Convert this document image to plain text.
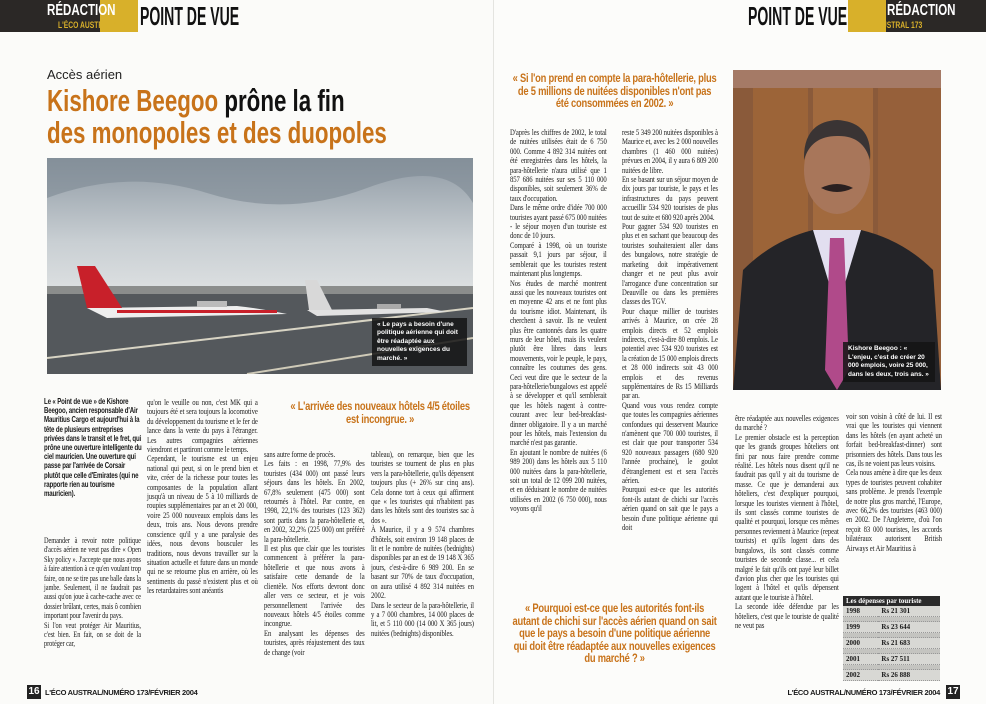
RÉDACTION
L'ÉCO AUSTRAL 173 POINT DE VUE	POINT DE VUE RÉDACTION
L'ÉCO AUSTRAL 173
Accès aérien
Kishore Beegoo prône la fin
des monopoles et des duopoles
« Le pays a besoin d'une politique aérienne qui doit être réadaptée aux nouvelles exigences du marché. »
Le « Point de vue » de Kishore Beegoo, ancien responsable d'Air Mauritius Cargo et aujourd'hui à la tête de plusieurs entreprises privées dans le transit et le fret, qui prône une ouverture intelligente du ciel mauricien. Une ouverture qui passe par l'arrivée de Corsair plutôt que celle d'Emirates (qui ne rapporte rien au tourisme mauricien).
« L'arrivée des nouveaux hôtels 4/5 étoiles est incongrue. »

Demander à revoir notre politique d'accès aérien ne veut pas dire « Open Sky policy ». J'accepte que nous ayons à faire attention à ce qu'en voulant trop faire, on ne se tire pas une balle dans la jambe. Seulement, il ne faudrait pas aussi qu'on joue à cache-cache avec ce dossier brûlant, certes, mais ô combien important pour l'avenir du pays.

Si l'on veut protéger Air Mauritius, c'est bien. En fait, on se doit de la protéger car,

qu'on le veuille ou non, c'est MK qui a toujours été et sera toujours la locomotive du développement du tourisme et le fer de lance dans la vente du pays à l'étranger. Les autres compagnies aériennes viendront et partiront comme le temps.

Cependant, le tourisme est un enjeu national qui peut, si on le prend bien et vite, créer de la richesse pour toutes les composantes de la population allant jusqu'à un niveau de 5 à 10 milliards de roupies supplémentaires par an et 20 000, voire 25 000 nouveaux emplois dans les deux, trois ans. Nous devons prendre conscience qu'il y a une paralysie des idées, nous devons bousculer les traditions, nous devons travailler sur la situation actuelle et future dans un monde qui ne se retourne plus en arrière, où les sentiments du passé n'existent plus et où les retardataires sont anéantis

sans autre forme de procès.

Les faits : en 1998, 77,9% des touristes (434 000) ont passé leurs séjours dans les hôtels. En 2002, 67,8% seulement (475 000) sont retournés à l'hôtel. Par contre, en 1998, 22,1% des touristes (123 362) sont partis dans la para-hôtellerie et, en 2002, 32,2% (225 000) ont préféré la para-hôtellerie.

Il est plus que clair que les touristes commencent à préférer la para-hôtellerie et que nous avons à satisfaire cette demande de la clientèle. Nos efforts devront donc aller vers ce secteur, et je vois personnellement l'arrivée des nouveaux hôtels 4/5 étoiles comme incongrue.

En analysant les dépenses des touristes, après réajustement des taux de change (voir

tableau), on remarque, bien que les touristes se tournent de plus en plus vers la para-hôtellerie, qu'ils dépensent toujours plus (+ 26% sur cinq ans). Cela donne tort à ceux qui affirment que « les touristes qui n'habitent pas dans les hôtels sont des touristes sac à dos ».

À Maurice, il y a 9 574 chambres d'hôtels, soit environ 19 148 places de lit et le nombre de nuitées (bednights) disponibles par an est de 19 148 X 365 jours, c'est-à-dire 6 989 200. En se basant sur 70% de taux d'occupation, on aura utilisé 4 892 314 nuitées en 2002.

Dans le secteur de la para-hôtellerie, il y a 7 000 chambres, 14 000 places de lit, et 5 110 000 (14 000 X 365 jours) nuitées (bednights) disponibles.

« Si l'on prend en compte la para-hôtellerie, plus de 5 millions de nuitées disponibles n'ont pas été consommées en 2002. »

D'après les chiffres de 2002, le total de nuitées utilisées était de 6 750 000. Comme 4 892 314 nuitées ont été enregistrées dans les hôtels, la para-hôtellerie n'aura utilisé que 1 857 686 nuitées sur ses 5 110 000 disponibles, soit seulement 36% de taux d'occupation.

Dans le même ordre d'idée 700 000 touristes ayant passé 675 000 nuitées - le séjour moyen d'un touriste est donc de 10 jours.

Comparé à 1998, où un touriste passait 9,1 jours par séjour, il semblerait que les touristes restent maintenant plus longtemps.

Nos études de marché montrent aussi que les nouveaux touristes ont en moyenne 42 ans et ne font plus du tourisme idiot. Maintenant, ils cherchent à savoir. Ils ne veulent plus être cantonnés dans les quatre murs de leur hôtel, mais ils veulent plutôt être libres dans leurs mouvements, voir le peuple, le pays, connaître les coutumes des gens. Ceci veut dire que le secteur de la para-hôtellerie/bungalows est appelé à se développer et qu'il semblerait que les hôtels nagent à contre-courant avec leur bed-breakfast-dinner obligatoire. Il y a un marché pour les hôtels, mais l'extension du marché n'est pas garantie.

En ajoutant le nombre de nuitées (6 989 200) dans les hôtels aux 5 110 000 nuitées dans la para-hôtellerie, soit un total de 12 099 200 nuitées, et en déduisant le nombre de nuitées utilisées en 2002 (6 750 000), nous voyons qu'il

reste 5 349 200 nuitées disponibles à Maurice et, avec les 2 000 nouvelles chambres (1 460 000 nuitées) prévues en 2004, il y aura 6 809 200 nuitées de libre.

En se basant sur un séjour moyen de dix jours par touriste, le pays et les infrastructures du pays peuvent accueillir 534 920 touristes de plus tout de suite et 680 920 après 2004.

Pour gagner 534 920 touristes en plus et en sachant que beaucoup des touristes souhaiteraient aller dans des bungalows, notre stratégie de marketing doit impérativement changer et ne peut plus avoir l'arrogance d'une concentration sur Deauville ou dans les premières classes des TGV.

Pour chaque millier de touristes arrivés à Maurice, on crée 28 emplois directs et 52 emplois indirects, c'est-à-dire 80 emplois. Le potentiel avec 534 920 touristes est la création de 15 000 emplois directs et 28 000 indirects soit 43 000 emplois et des revenus supplémentaires de Rs 15 Milliards par an.

Quand vous vous rendez compte que toutes les compagnies aériennes confondues qui desservent Maurice n'amènent que 700 000 touristes, il est clair que pour transporter 534 920 nouveaux passagers (680 920 l'année prochaine), le goulot d'étranglement est et sera l'accès aérien.

Pourquoi est-ce que les autorités font-ils autant de chichi sur l'accès aérien quand on sait que le pays a besoin d'une politique aérienne qui doit

« Pourquoi est-ce que les autorités font-ils autant de chichi sur l'accès aérien quand on sait que le pays a besoin d'une politique aérienne qui doit être réadaptée aux nouvelles exigences du marché ? »

être réadaptée aux nouvelles exigences du marché ?

Le premier obstacle est la perception que les grands groupes hôteliers ont fini par nous faire prendre comme réalité. Les hôtels nous disent qu'il ne faudrait pas qu'il y ait du tourisme de masse. Ce que je demanderai aux hôteliers, c'est d'expliquer pourquoi, lorsque les touristes viennent à l'hôtel, ils sont classés comme touristes de qualité et pourquoi, lorsque ces mêmes personnes reviennent à Maurice (repeat tourists) et qu'ils logent dans des bungalows, ils sont classés comme touristes de seconde classe... et cela malgré le fait qu'ils ont payé leur billet d'avion plus cher que les touristes qui logent à l'hôtel et qu'ils dépensent autant que le touriste à l'hôtel.

La seconde idée défendue par les hôteliers, c'est que le touriste de qualité ne veut pas

voir son voisin à côté de lui. Il est vrai que les touristes qui viennent dans les hôtels (en ayant acheté un forfait bed-breakfast-dinner) sont prisonniers des hôtels. Dans tous les cas, ils ne voient pas leurs voisins.

Cela nous amène à dire que les deux types de touristes peuvent cohabiter sans problème. Je prends l'exemple de notre plus gros marché, l'Europe, avec 66,2% des touristes (463 000) en 2002. De l'Angleterre, d'où l'on reçoit 83 000 touristes, les accords bilatéraux autorisent British Airways et Air Mauritius à

Kishore Beegoo : « L'enjeu, c'est de créer 20 000 emplois, voire 25 000, dans les deux, trois ans. »
Les dépenses par touriste	
1998	Rs 21 301

1999	Rs 23 644

2000	Rs 21 683

2001	Rs 27 511

2002	Rs 26 888
16 L'ÉCO AUSTRAL/NUMÉRO 173/FÉVRIER 2004	L'ÉCO AUSTRAL/NUMÉRO 173/FÉVRIER 2004 17
